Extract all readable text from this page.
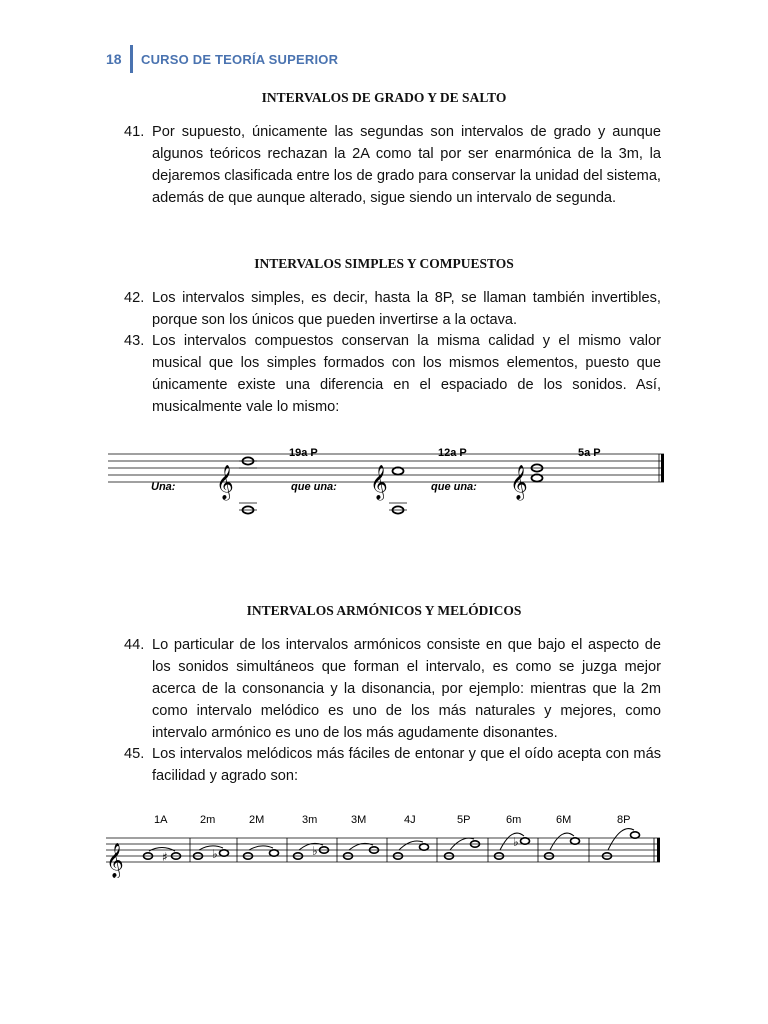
18	CURSO DE TEORÍA SUPERIOR
INTERVALOS DE GRADO Y DE SALTO
41. Por supuesto, únicamente las segundas son intervalos de grado y aunque algunos teóricos rechazan la 2A como tal por ser enarmónica de la 3m, la dejaremos clasificada entre los de grado para conservar la unidad del sistema, además de que aunque alterado, sigue siendo un intervalo de segunda.
INTERVALOS SIMPLES Y COMPUESTOS
42. Los intervalos simples, es decir, hasta la 8P, se llaman también invertibles, porque son los únicos que pueden invertirse a la octava.
43. Los intervalos compuestos conservan la misma calidad y el mismo valor musical que los simples formados con los mismos elementos, puesto que únicamente existe una diferencia en el espaciado de los sonidos. Así, musicalmente vale lo mismo:
19a P	12a P	5a P
Una:	que una:	que una:
𝄞	𝄞	𝄞
INTERVALOS ARMÓNICOS Y MELÓDICOS
44. Lo particular de los intervalos armónicos consiste en que bajo el aspecto de los sonidos simultáneos que forman el intervalo, es como se juzga mejor acerca de la consonancia y la disonancia, por ejemplo: mientras que la 2m como intervalo melódico es uno de los más naturales y mejores, como intervalo armónico es uno de los más agudamente disonantes.
45. Los intervalos melódicos más fáciles de entonar y que el oído acepta con más facilidad y agrado son:
𝄞
1A	2m	2M	3m	3M	4J	5P	6m	6M	8P
♯	♭	♭
♭
